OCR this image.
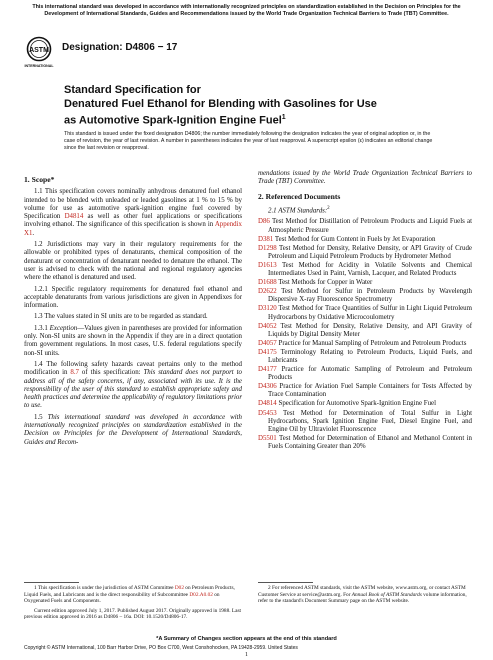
This international standard was developed in accordance with internationally recognized principles on standardization established in the Decision on Principles for the Development of International Standards, Guides and Recommendations issued by the World Trade Organization Technical Barriers to Trade (TBT) Committee.
ASTM
INTERNATIONAL
Designation: D4806 − 17
Standard Specification for
Denatured Fuel Ethanol for Blending with Gasolines for Use
as Automotive Spark-Ignition Engine Fuel$^1$
This standard is issued under the fixed designation D4806; the number immediately following the designation indicates the year of original adoption or, in the case of revision, the year of last revision. A number in parentheses indicates the year of last reapproval. A superscript epsilon (ε) indicates an editorial change since the last revision or reapproval.
1. Scope*

1.1 This specification covers nominally anhydrous denatured fuel ethanol intended to be blended with unleaded or leaded gasolines at 1 % to 15 % by volume for use as automotive spark-ignition engine fuel covered by Specification D4814 as well as other fuel applications or specifications involving ethanol. The significance of this specification is shown in Appendix X1.

1.2 Jurisdictions may vary in their regulatory requirements for the allowable or prohibited types of denaturants, chemical composition of the denaturant or concentration of denaturant needed to denature the ethanol. The user is advised to check with the national and regional regulatory agencies where the ethanol is denatured and used.

1.2.1 Specific regulatory requirements for denatured fuel ethanol and acceptable denaturants from various jurisdictions are given in Appendixes for information.

1.3 The values stated in SI units are to be regarded as standard.

1.3.1 Exception—Values given in parentheses are provided for information only. Non-SI units are shown in the Appendix if they are in a direct quotation from government regulations. In most cases, U.S. federal regulations specify non-SI units.

1.4 The following safety hazards caveat pertains only to the method modification in 8.7 of this specification: This standard does not purport to address all of the safety concerns, if any, associated with its use. It is the responsibility of the user of this standard to establish appropriate safety and health practices and determine the applicability of regulatory limitations prior to use.

1.5 This international standard was developed in accordance with internationally recognized principles on standardization established in the Decision on Principles for the Development of International Standards, Guides and Recom-

mendations issued by the World Trade Organization Technical Barriers to Trade (TBT) Committee.

2. Referenced Documents

2.1 ASTM Standards:$^2$

D86 Test Method for Distillation of Petroleum Products and Liquid Fuels at Atmospheric Pressure

D381 Test Method for Gum Content in Fuels by Jet Evaporation

D1298 Test Method for Density, Relative Density, or API Gravity of Crude Petroleum and Liquid Petroleum Products by Hydrometer Method

D1613 Test Method for Acidity in Volatile Solvents and Chemical Intermediates Used in Paint, Varnish, Lacquer, and Related Products

D1688 Test Methods for Copper in Water

D2622 Test Method for Sulfur in Petroleum Products by Wavelength Dispersive X-ray Fluorescence Spectrometry

D3120 Test Method for Trace Quantities of Sulfur in Light Liquid Petroleum Hydrocarbons by Oxidative Microcoulometry

D4052 Test Method for Density, Relative Density, and API Gravity of Liquids by Digital Density Meter

D4057 Practice for Manual Sampling of Petroleum and Petroleum Products

D4175 Terminology Relating to Petroleum Products, Liquid Fuels, and Lubricants

D4177 Practice for Automatic Sampling of Petroleum and Petroleum Products

D4306 Practice for Aviation Fuel Sample Containers for Tests Affected by Trace Contamination

D4814 Specification for Automotive Spark-Ignition Engine Fuel

D5453 Test Method for Determination of Total Sulfur in Light Hydrocarbons, Spark Ignition Engine Fuel, Diesel Engine Fuel, and Engine Oil by Ultraviolet Fluorescence

D5501 Test Method for Determination of Ethanol and Methanol Content in Fuels Containing Greater than 20%

1 This specification is under the jurisdiction of ASTM Committee D02 on Petroleum Products, Liquid Fuels, and Lubricants and is the direct responsibility of Subcommittee D02.A0.02 on Oxygenated Fuels and Components.

Current edition approved July 1, 2017. Published August 2017. Originally approved in 1988. Last previous edition approved in 2016 as D4806 – 16a. DOI: 10.1520/D4806-17.

2 For referenced ASTM standards, visit the ASTM website, www.astm.org, or contact ASTM Customer Service at service@astm.org. For Annual Book of ASTM Standards volume information, refer to the standard's Document Summary page on the ASTM website.

*A Summary of Changes section appears at the end of this standard
Copyright © ASTM International, 100 Barr Harbor Drive, PO Box C700, West Conshohocken, PA 19428-2959. United States
1
